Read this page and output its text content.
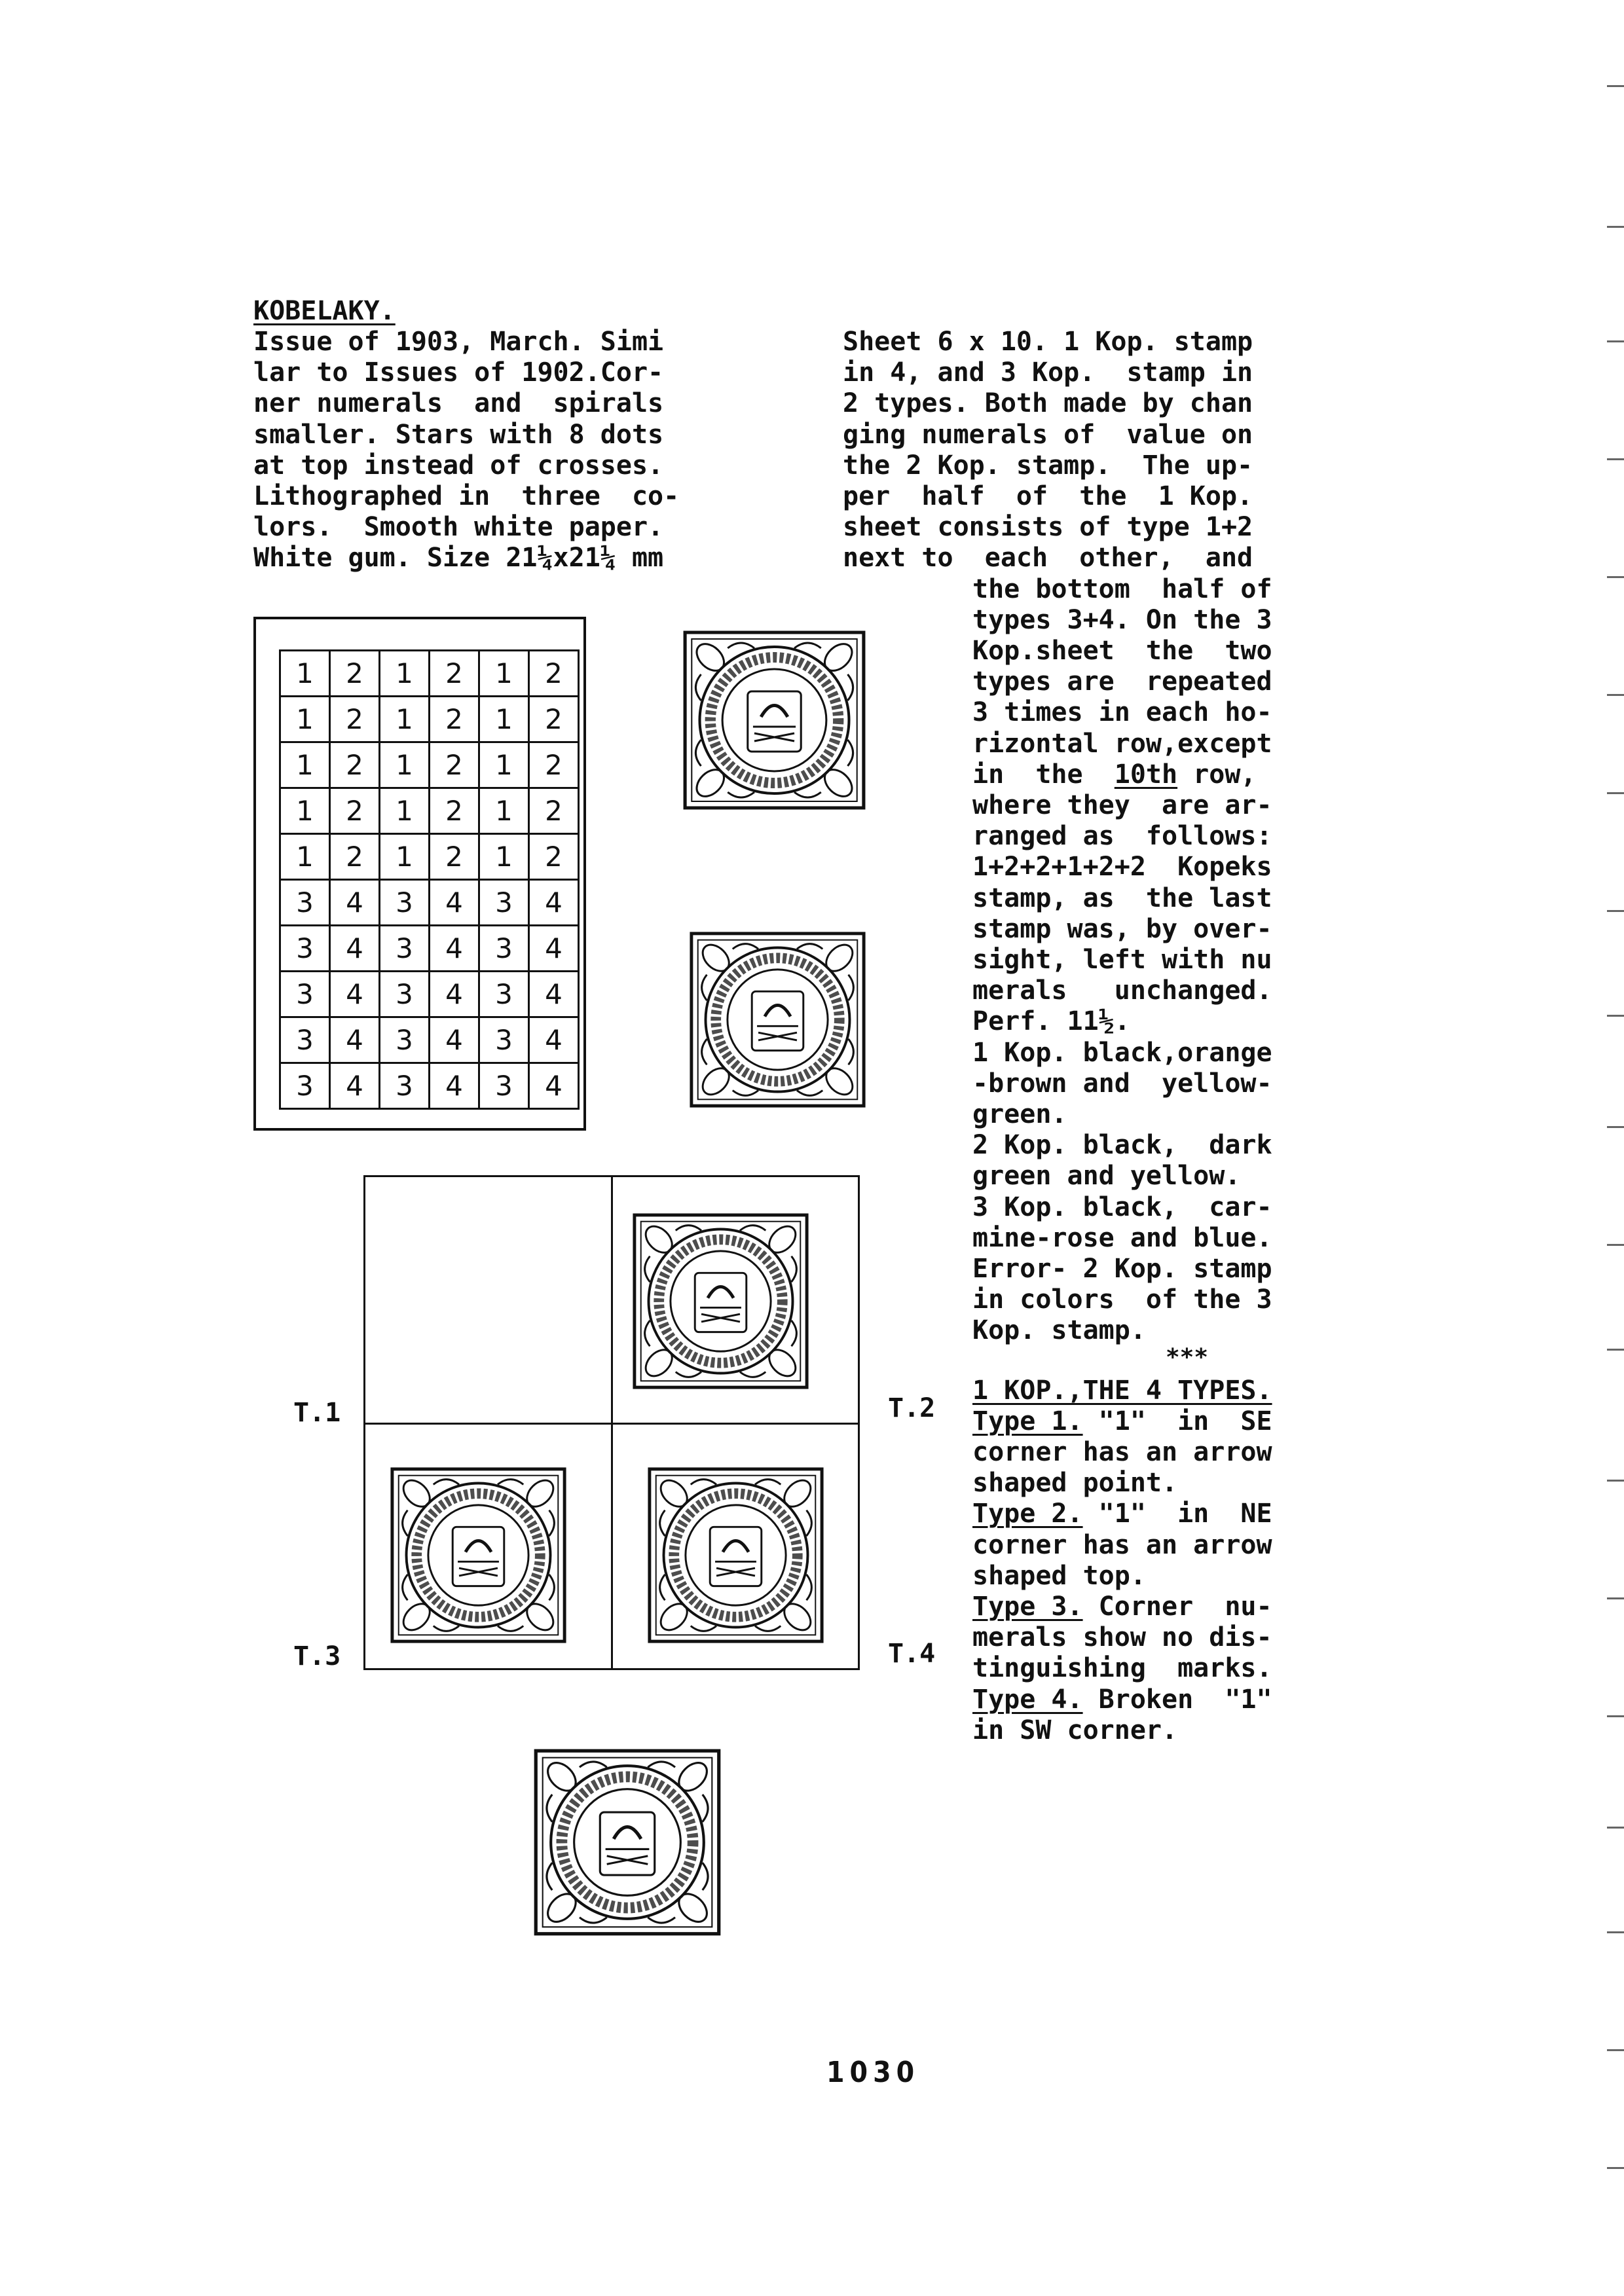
KOBELAKY.
Issue of 1903, March. Simi
lar to Issues of 1902.Cor-
ner numerals  and  spirals
smaller. Stars with 8 dots
at top instead of crosses.
Lithographed in  three  co-
lors.  Smooth white paper.
White gum. Size 21¼x21¼ mm
Sheet 6 x 10. 1 Kop. stamp
in 4, and 3 Kop.  stamp in
2 types. Both made by chan
ging numerals of  value on
the 2 Kop. stamp.  The up-
per  half  of  the  1 Kop.
sheet consists of type 1+2
next to  each  other,  and
the bottom  half of
types 3+4. On the 3
Kop.sheet  the  two
types are  repeated
3 times in each ho-
rizontal row,except
in  the  10th row,
where they  are ar-
ranged as  follows:
1+2+2+1+2+2  Kopeks
stamp, as  the last
stamp was, by over-
sight, left with nu
merals   unchanged.
Perf. 11½.
1 Kop. black,orange
-brown and  yellow-
green.
2 Kop. black,  dark
green and yellow.
3 Kop. black,  car-
mine-rose and blue.
Error- 2 Kop. stamp
in colors  of the 3
Kop. stamp.
***
1 KOP.,THE 4 TYPES.
Type 1. "1"  in  SE
corner has an arrow
shaped point.
Type 2. "1"  in  NE
corner has an arrow
shaped top.
Type 3. Corner  nu-
merals show no dis-
tinguishing  marks.
Type 4. Broken  "1"
in SW corner.
1	2	1	2	1	2
1	2	1	2	1	2
1	2	1	2	1	2
1	2	1	2	1	2
1	2	1	2	1	2
3	4	3	4	3	4
3	4	3	4	3	4
3	4	3	4	3	4
3	4	3	4	3	4
3	4	3	4	3	4
T.1	T.2
T.3	T.4
1030
